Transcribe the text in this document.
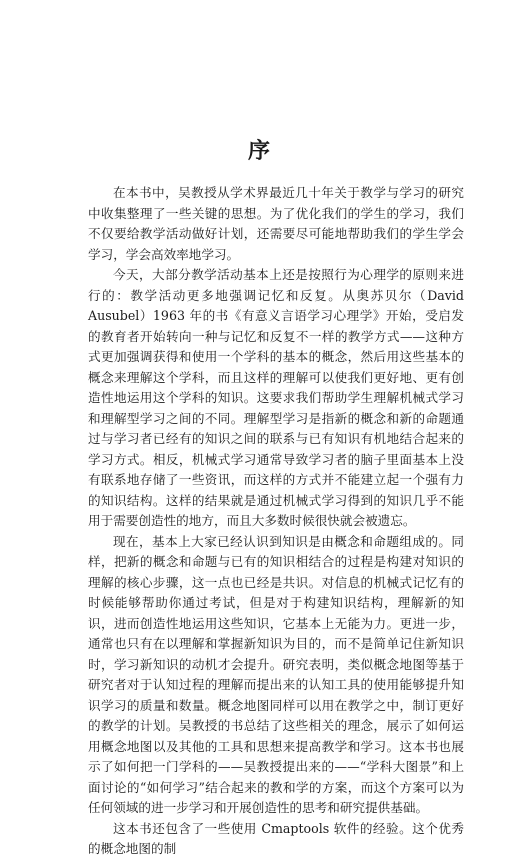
序

在本书中，吴教授从学术界最近几十年关于教学与学习的研究中收集整理了一些关键的思想。为了优化我们的学生的学习，我们不仅要给教学活动做好计划，还需要尽可能地帮助我们的学生学会学习，学会高效率地学习。

今天，大部分教学活动基本上还是按照行为心理学的原则来进行的：教学活动更多地强调记忆和反复。从奥苏贝尔（David Ausubel）1963 年的书《有意义言语学习心理学》开始，受启发的教育者开始转向一种与记忆和反复不一样的教学方式——这种方式更加强调获得和使用一个学科的基本的概念，然后用这些基本的概念来理解这个学科，而且这样的理解可以使我们更好地、更有创造性地运用这个学科的知识。这要求我们帮助学生理解机械式学习和理解型学习之间的不同。理解型学习是指新的概念和新的命题通过与学习者已经有的知识之间的联系与已有知识有机地结合起来的学习方式。相反，机械式学习通常导致学习者的脑子里面基本上没有联系地存储了一些资讯，而这样的方式并不能建立起一个强有力的知识结构。这样的结果就是通过机械式学习得到的知识几乎不能用于需要创造性的地方，而且大多数时候很快就会被遗忘。

现在，基本上大家已经认识到知识是由概念和命题组成的。同样，把新的概念和命题与已有的知识相结合的过程是构建对知识的理解的核心步骤，这一点也已经是共识。对信息的机械式记忆有的时候能够帮助你通过考试，但是对于构建知识结构，理解新的知识，进而创造性地运用这些知识，它基本上无能为力。更进一步，通常也只有在以理解和掌握新知识为目的，而不是简单记住新知识时，学习新知识的动机才会提升。研究表明，类似概念地图等基于研究者对于认知过程的理解而提出来的认知工具的使用能够提升知识学习的质量和数量。概念地图同样可以用在教学之中，制订更好的教学的计划。吴教授的书总结了这些相关的理念，展示了如何运用概念地图以及其他的工具和思想来提高教学和学习。这本书也展示了如何把一门学科的——吴教授提出来的——“学科大图景”和上面讨论的“如何学习”结合起来的教和学的方案，而这个方案可以为任何领域的进一步学习和开展创造性的思考和研究提供基础。

这本书还包含了一些使用 Cmaptools 软件的经验。这个优秀的概念地图的制
